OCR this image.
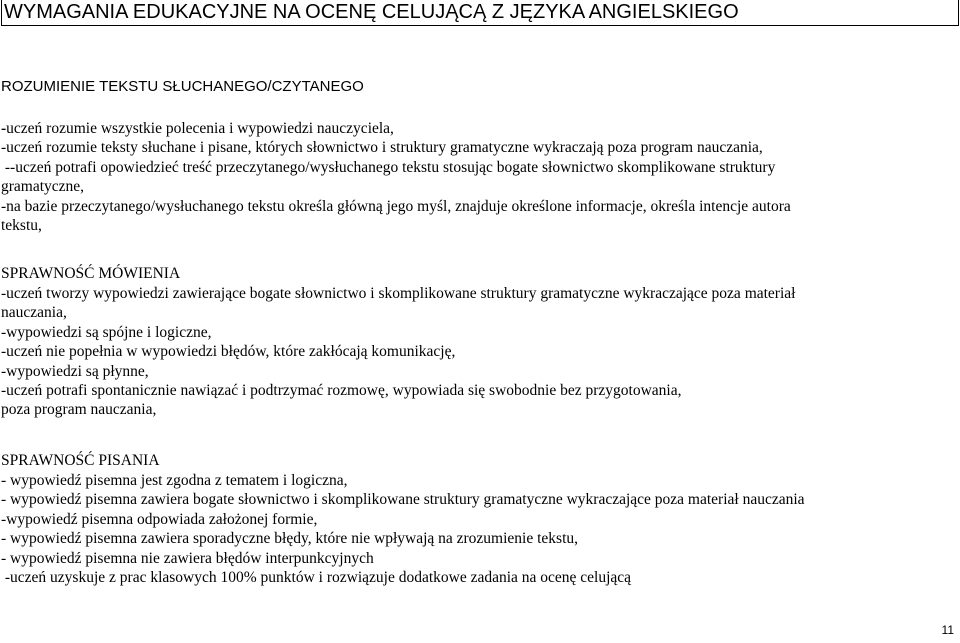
WYMAGANIA EDUKACYJNE NA OCENĘ CELUJĄCĄ Z JĘZYKA ANGIELSKIEGO
ROZUMIENIE TEKSTU SŁUCHANEGO/CZYTANEGO
-uczeń rozumie wszystkie polecenia i wypowiedzi nauczyciela,
-uczeń rozumie teksty słuchane i pisane, których słownictwo i struktury gramatyczne wykraczają poza program nauczania,
--uczeń potrafi opowiedzieć treść przeczytanego/wysłuchanego tekstu stosując bogate słownictwo skomplikowane struktury
gramatyczne,
-na bazie przeczytanego/wysłuchanego tekstu określa główną jego myśl, znajduje określone informacje, określa intencje autora
tekstu,
SPRAWNOŚĆ MÓWIENIA
-uczeń tworzy wypowiedzi zawierające bogate słownictwo i skomplikowane struktury gramatyczne wykraczające poza materiał
nauczania,
-wypowiedzi są spójne i logiczne,
-uczeń nie popełnia w wypowiedzi błędów, które zakłócają komunikację,
-wypowiedzi są płynne,
-uczeń potrafi spontanicznie nawiązać i podtrzymać rozmowę, wypowiada się swobodnie bez przygotowania,
poza program nauczania,
SPRAWNOŚĆ PISANIA
- wypowiedź pisemna jest zgodna z tematem i logiczna,
- wypowiedź pisemna zawiera bogate słownictwo i skomplikowane struktury gramatyczne wykraczające poza materiał nauczania
-wypowiedź pisemna odpowiada założonej formie,
- wypowiedź pisemna zawiera sporadyczne błędy, które nie wpływają na zrozumienie tekstu,
- wypowiedź pisemna nie zawiera błędów interpunkcyjnych
-uczeń uzyskuje z prac klasowych 100% punktów i rozwiązuje dodatkowe zadania na ocenę celującą
11
